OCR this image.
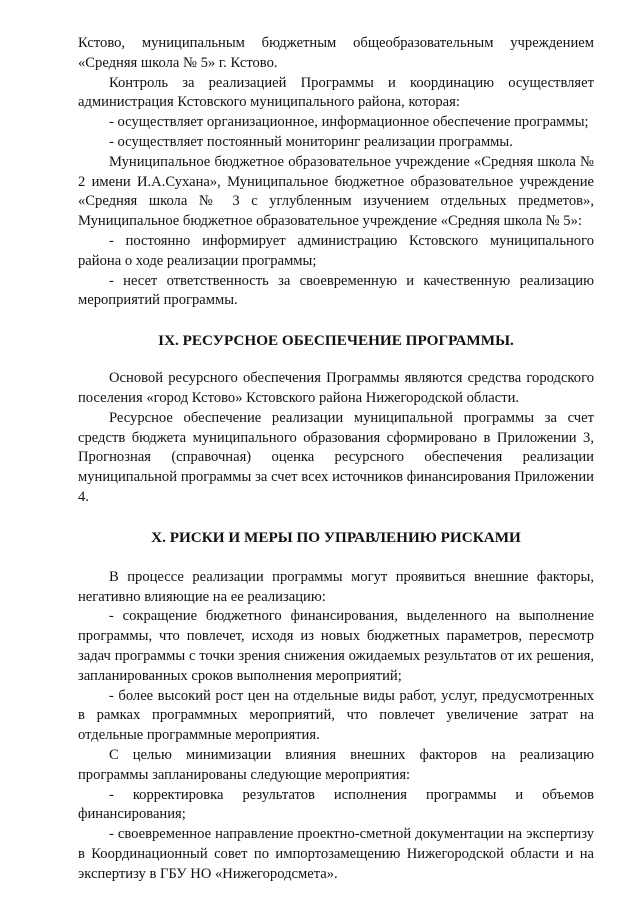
Кстово, муниципальным бюджетным общеобразовательным учреждением «Средняя школа № 5» г. Кстово.

Контроль за реализацией Программы и координацию осуществляет администрация Кстовского муниципального района, которая:

- осуществляет организационное, информационное обеспечение программы;

- осуществляет постоянный мониторинг реализации программы.

Муниципальное бюджетное образовательное учреждение «Средняя школа № 2 имени И.А.Сухана», Муниципальное бюджетное образовательное учреждение «Средняя школа № 3 с углубленным изучением отдельных предметов», Муниципальное бюджетное образовательное учреждение «Средняя школа № 5»:

- постоянно информирует администрацию Кстовского муниципального района о ходе реализации программы;

- несет ответственность за своевременную и качественную реализацию мероприятий программы.

IX. РЕСУРСНОЕ ОБЕСПЕЧЕНИЕ ПРОГРАММЫ.

Основой ресурсного обеспечения Программы являются средства городского поселения «город Кстово» Кстовского района Нижегородской области.

Ресурсное обеспечение реализации муниципальной программы за счет средств бюджета муниципального образования сформировано в Приложении 3, Прогнозная (справочная) оценка ресурсного обеспечения реализации муниципальной программы за счет всех источников финансирования Приложении 4.

X. РИСКИ И МЕРЫ ПО УПРАВЛЕНИЮ РИСКАМИ

В процессе реализации программы могут проявиться внешние факторы, негативно влияющие на ее реализацию:

- сокращение бюджетного финансирования, выделенного на выполнение программы, что повлечет, исходя из новых бюджетных параметров, пересмотр задач программы с точки зрения снижения ожидаемых результатов от их решения, запланированных сроков выполнения мероприятий;

- более высокий рост цен на отдельные виды работ, услуг, предусмотренных в рамках программных мероприятий, что повлечет увеличение затрат на отдельные программные мероприятия.

С целью минимизации влияния внешних факторов на реализацию программы запланированы следующие мероприятия:

- корректировка результатов исполнения программы и объемов финансирования;

- своевременное направление проектно-сметной документации на экспертизу в Координационный совет по импортозамещению Нижегородской области и на экспертизу в ГБУ НО «Нижегородсмета».
